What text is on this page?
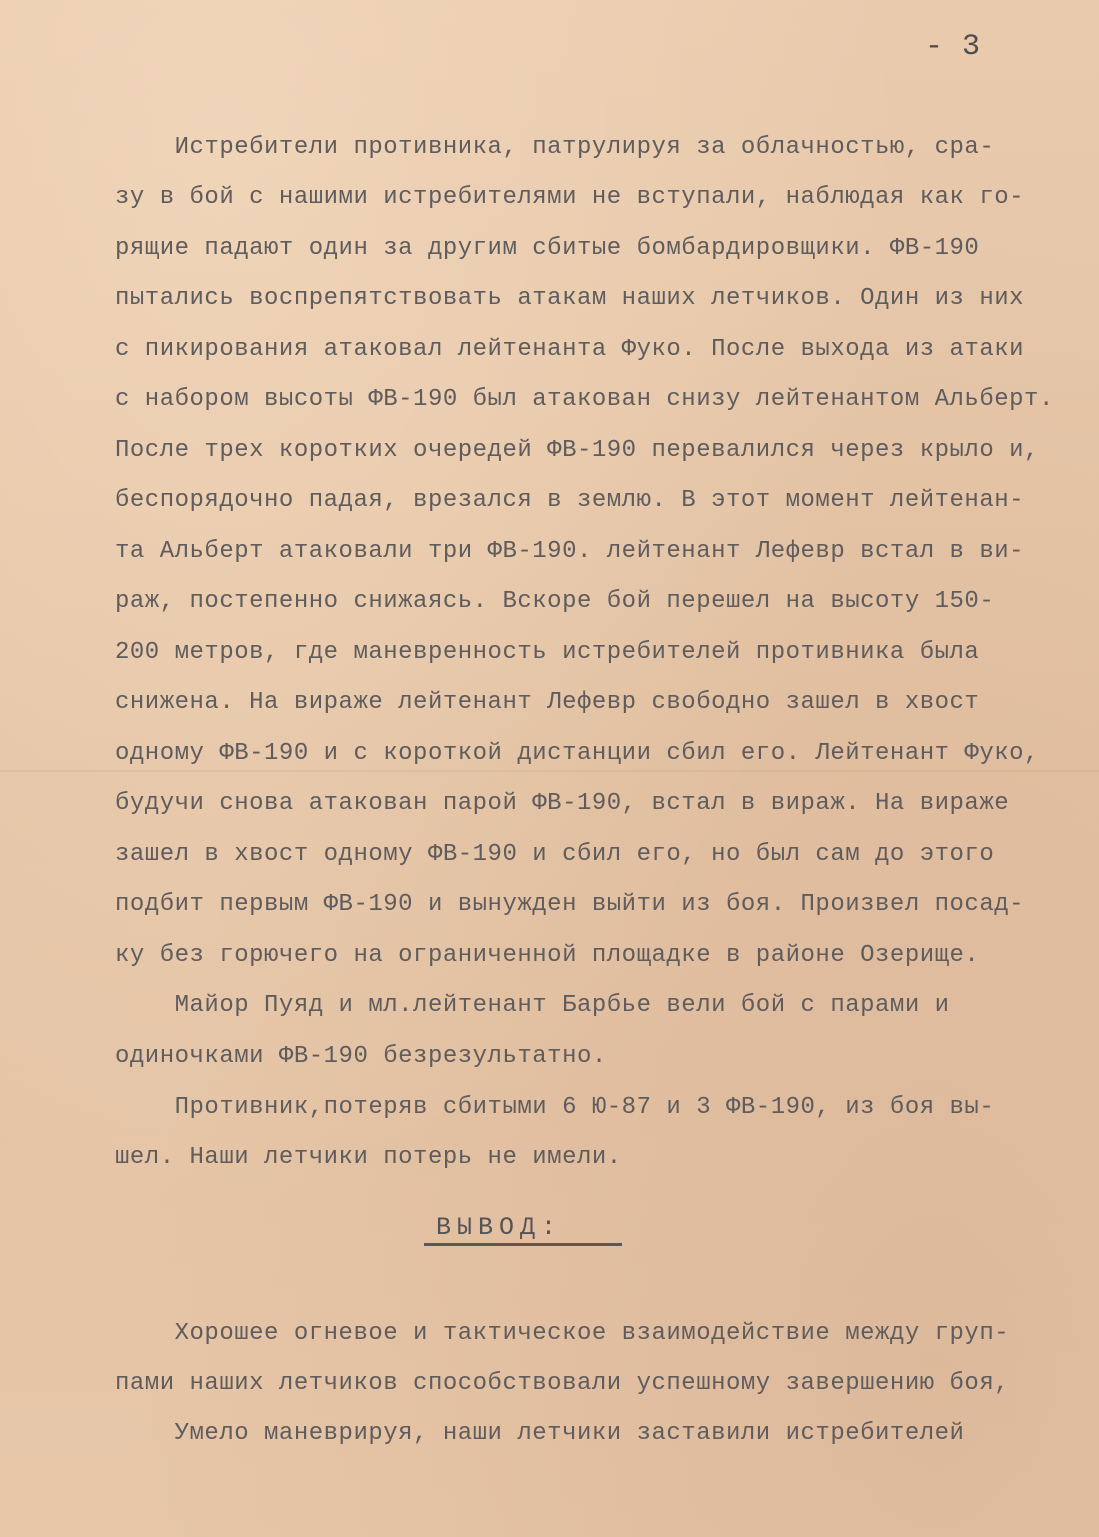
- 3
Истребители противника, патрулируя за облачностью, сра-
зу в бой с нашими истребителями не вступали, наблюдая как го-
рящие падают один за другим сбитые бомбардировщики. ФВ-190
пытались воспрепятствовать атакам наших летчиков. Один из них
с пикирования атаковал лейтенанта Фуко. После выхода из атаки
с набором высоты ФВ-190 был атакован снизу лейтенантом Альберт.
После трех коротких очередей ФВ-190 перевалился через крыло и,
беспорядочно падая, врезался в землю. В этот момент лейтенан-
та Альберт атаковали три ФВ-190. лейтенант Лефевр встал в ви-
раж, постепенно снижаясь. Вскоре бой перешел на высоту 150-
200 метров, где маневренность истребителей противника была
снижена. На вираже лейтенант Лефевр свободно зашел в хвост
одному ФВ-190 и с короткой дистанции сбил его. Лейтенант Фуко,
будучи снова атакован парой ФВ-190, встал в вираж. На вираже
зашел в хвост одному ФВ-190 и сбил его, но был сам до этого
подбит первым ФВ-190 и вынужден выйти из боя. Произвел посад-
ку без горючего на ограниченной площадке в районе Озерище.
Майор Пуяд и мл.лейтенант Барбье вели бой с парами и
одиночками ФВ-190 безрезультатно.
Противник,потеряв сбитыми 6 Ю-87 и 3 ФВ-190, из боя вы-
шел. Наши летчики потерь не имели.
ВЫВОД:
Хорошее огневое и тактическое взаимодействие между груп-
пами наших летчиков способствовали успешному завершению боя,
Умело маневрируя, наши летчики заставили истребителей
